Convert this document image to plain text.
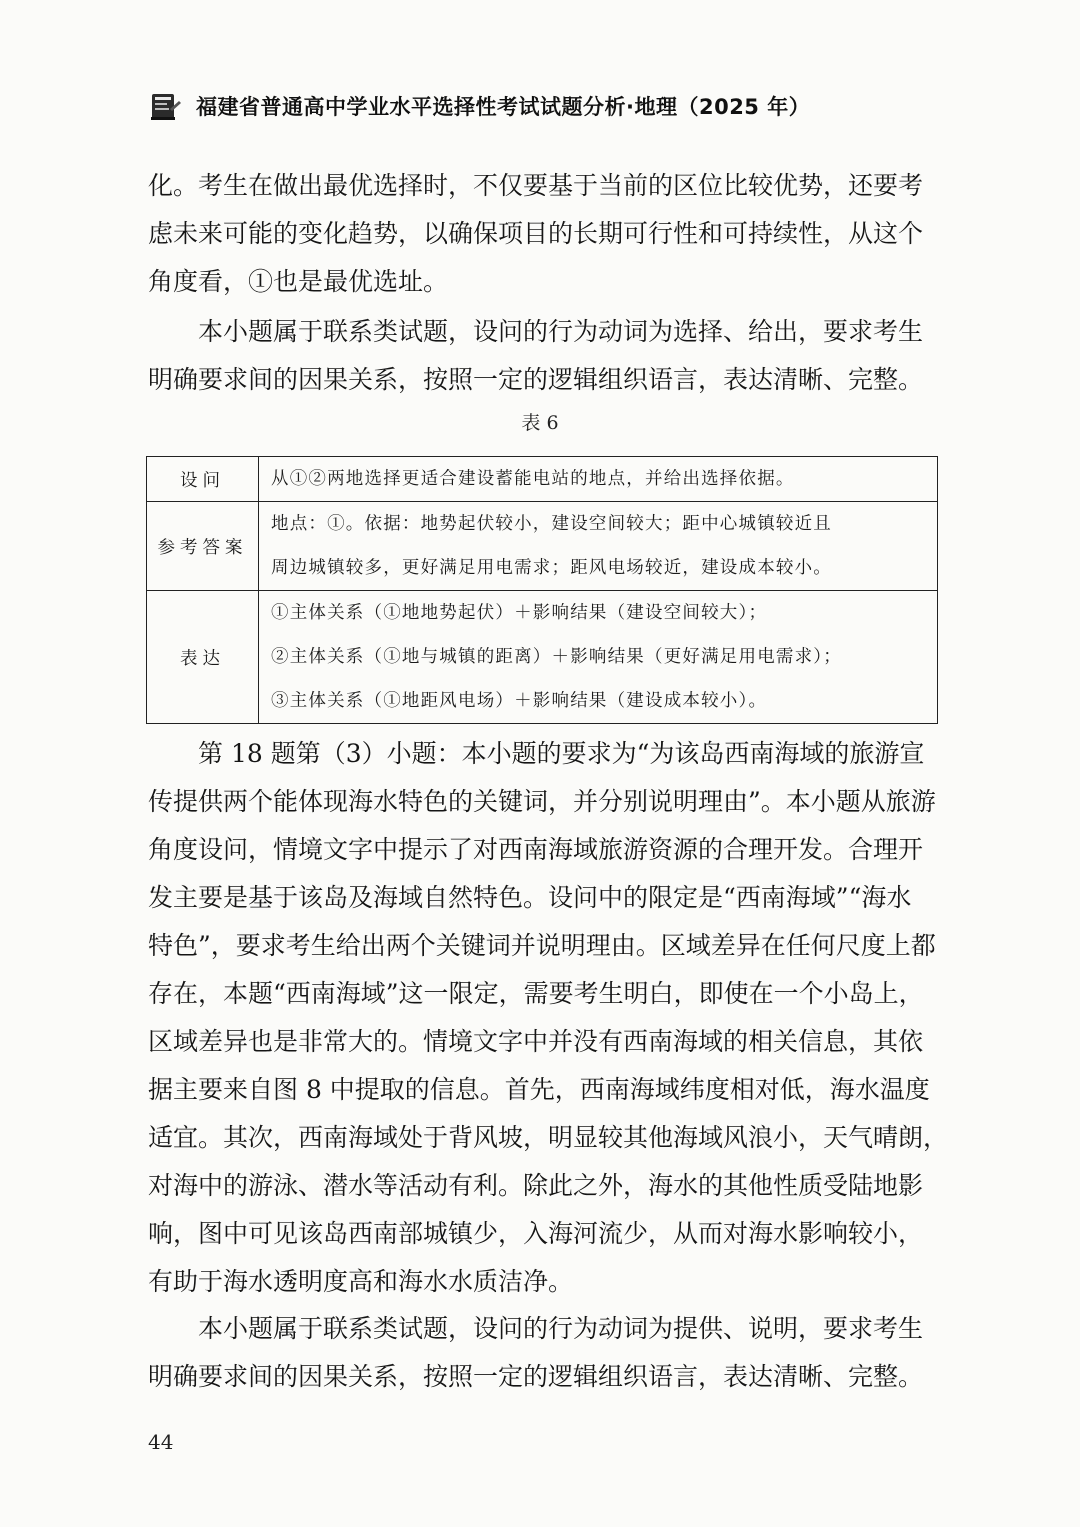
福建省普通高中学业水平选择性考试试题分析·地理（2025 年）

化。考生在做出最优选择时，不仅要基于当前的区位比较优势，还要考
虑未来可能的变化趋势，以确保项目的长期可行性和可持续性，从这个
角度看，①也是最优选址。

本小题属于联系类试题，设问的行为动词为选择、给出，要求考生
明确要求间的因果关系，按照一定的逻辑组织语言，表达清晰、完整。

表 6
设问	从①②两地选择更适合建设蓄能电站的地点，并给出选择依据。

参考答案	地点：①。依据：地势起伏较小，建设空间较大；距中心城镇较近且
周边城镇较多，更好满足用电需求；距风电场较近，建设成本较小。

表达	①主体关系（①地地势起伏）＋影响结果（建设空间较大）；
②主体关系（①地与城镇的距离）＋影响结果（更好满足用电需求）；
③主体关系（①地距风电场）＋影响结果（建设成本较小）。

第 18 题第（3）小题：本小题的要求为“为该岛西南海域的旅游宣
传提供两个能体现海水特色的关键词，并分别说明理由”。本小题从旅游
角度设问，情境文字中提示了对西南海域旅游资源的合理开发。合理开
发主要是基于该岛及海域自然特色。设问中的限定是“西南海域”“海水
特色”，要求考生给出两个关键词并说明理由。区域差异在任何尺度上都
存在，本题“西南海域”这一限定，需要考生明白，即使在一个小岛上，
区域差异也是非常大的。情境文字中并没有西南海域的相关信息，其依
据主要来自图 8 中提取的信息。首先，西南海域纬度相对低，海水温度
适宜。其次，西南海域处于背风坡，明显较其他海域风浪小，天气晴朗，
对海中的游泳、潜水等活动有利。除此之外，海水的其他性质受陆地影
响，图中可见该岛西南部城镇少，入海河流少，从而对海水影响较小，
有助于海水透明度高和海水水质洁净。

本小题属于联系类试题，设问的行为动词为提供、说明，要求考生
明确要求间的因果关系，按照一定的逻辑组织语言，表达清晰、完整。

44
